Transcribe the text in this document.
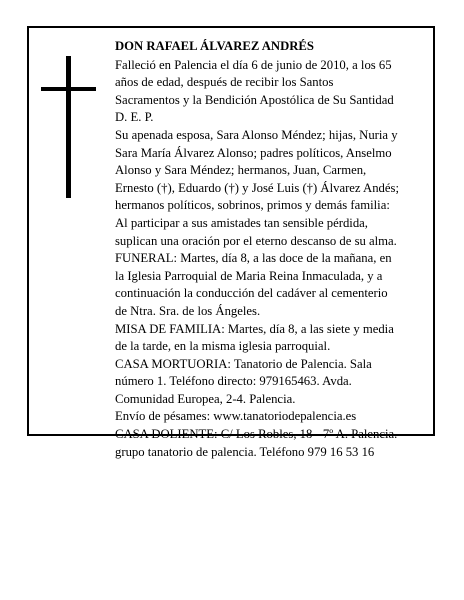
DON RAFAEL ÁLVAREZ ANDRÉS

Falleció en Palencia el día 6 de junio de 2010, a los 65

años de edad, después de recibir los Santos

Sacramentos y la Bendición Apostólica de Su Santidad

D. E. P.

Su apenada esposa, Sara Alonso Méndez; hijas, Nuria y

Sara María Álvarez Alonso; padres políticos, Anselmo

Alonso y Sara Méndez; hermanos, Juan, Carmen,

Ernesto (†), Eduardo (†) y José Luis (†) Álvarez Andés;

hermanos políticos, sobrinos, primos y demás familia:

Al participar a sus amistades tan sensible pérdida,

suplican una oración por el eterno descanso de su alma.

FUNERAL: Martes, día 8, a las doce de la mañana, en

la Iglesia Parroquial de Maria Reina Inmaculada, y a

continuación la conducción del cadáver al cementerio

de Ntra. Sra. de los Ángeles.

MISA DE FAMILIA: Martes, día 8, a las siete y media

de la tarde, en la misma iglesia parroquial.

CASA MORTUORIA: Tanatorio de Palencia. Sala

número 1. Teléfono directo: 979165463. Avda.

Comunidad Europea, 2-4. Palencia.

Envío de pésames: www.tanatoriodepalencia.es

CASA DOLIENTE: C/ Los Robles, 18 - 7º A. Palencia.

grupo tanatorio de palencia. Teléfono 979 16 53 16
